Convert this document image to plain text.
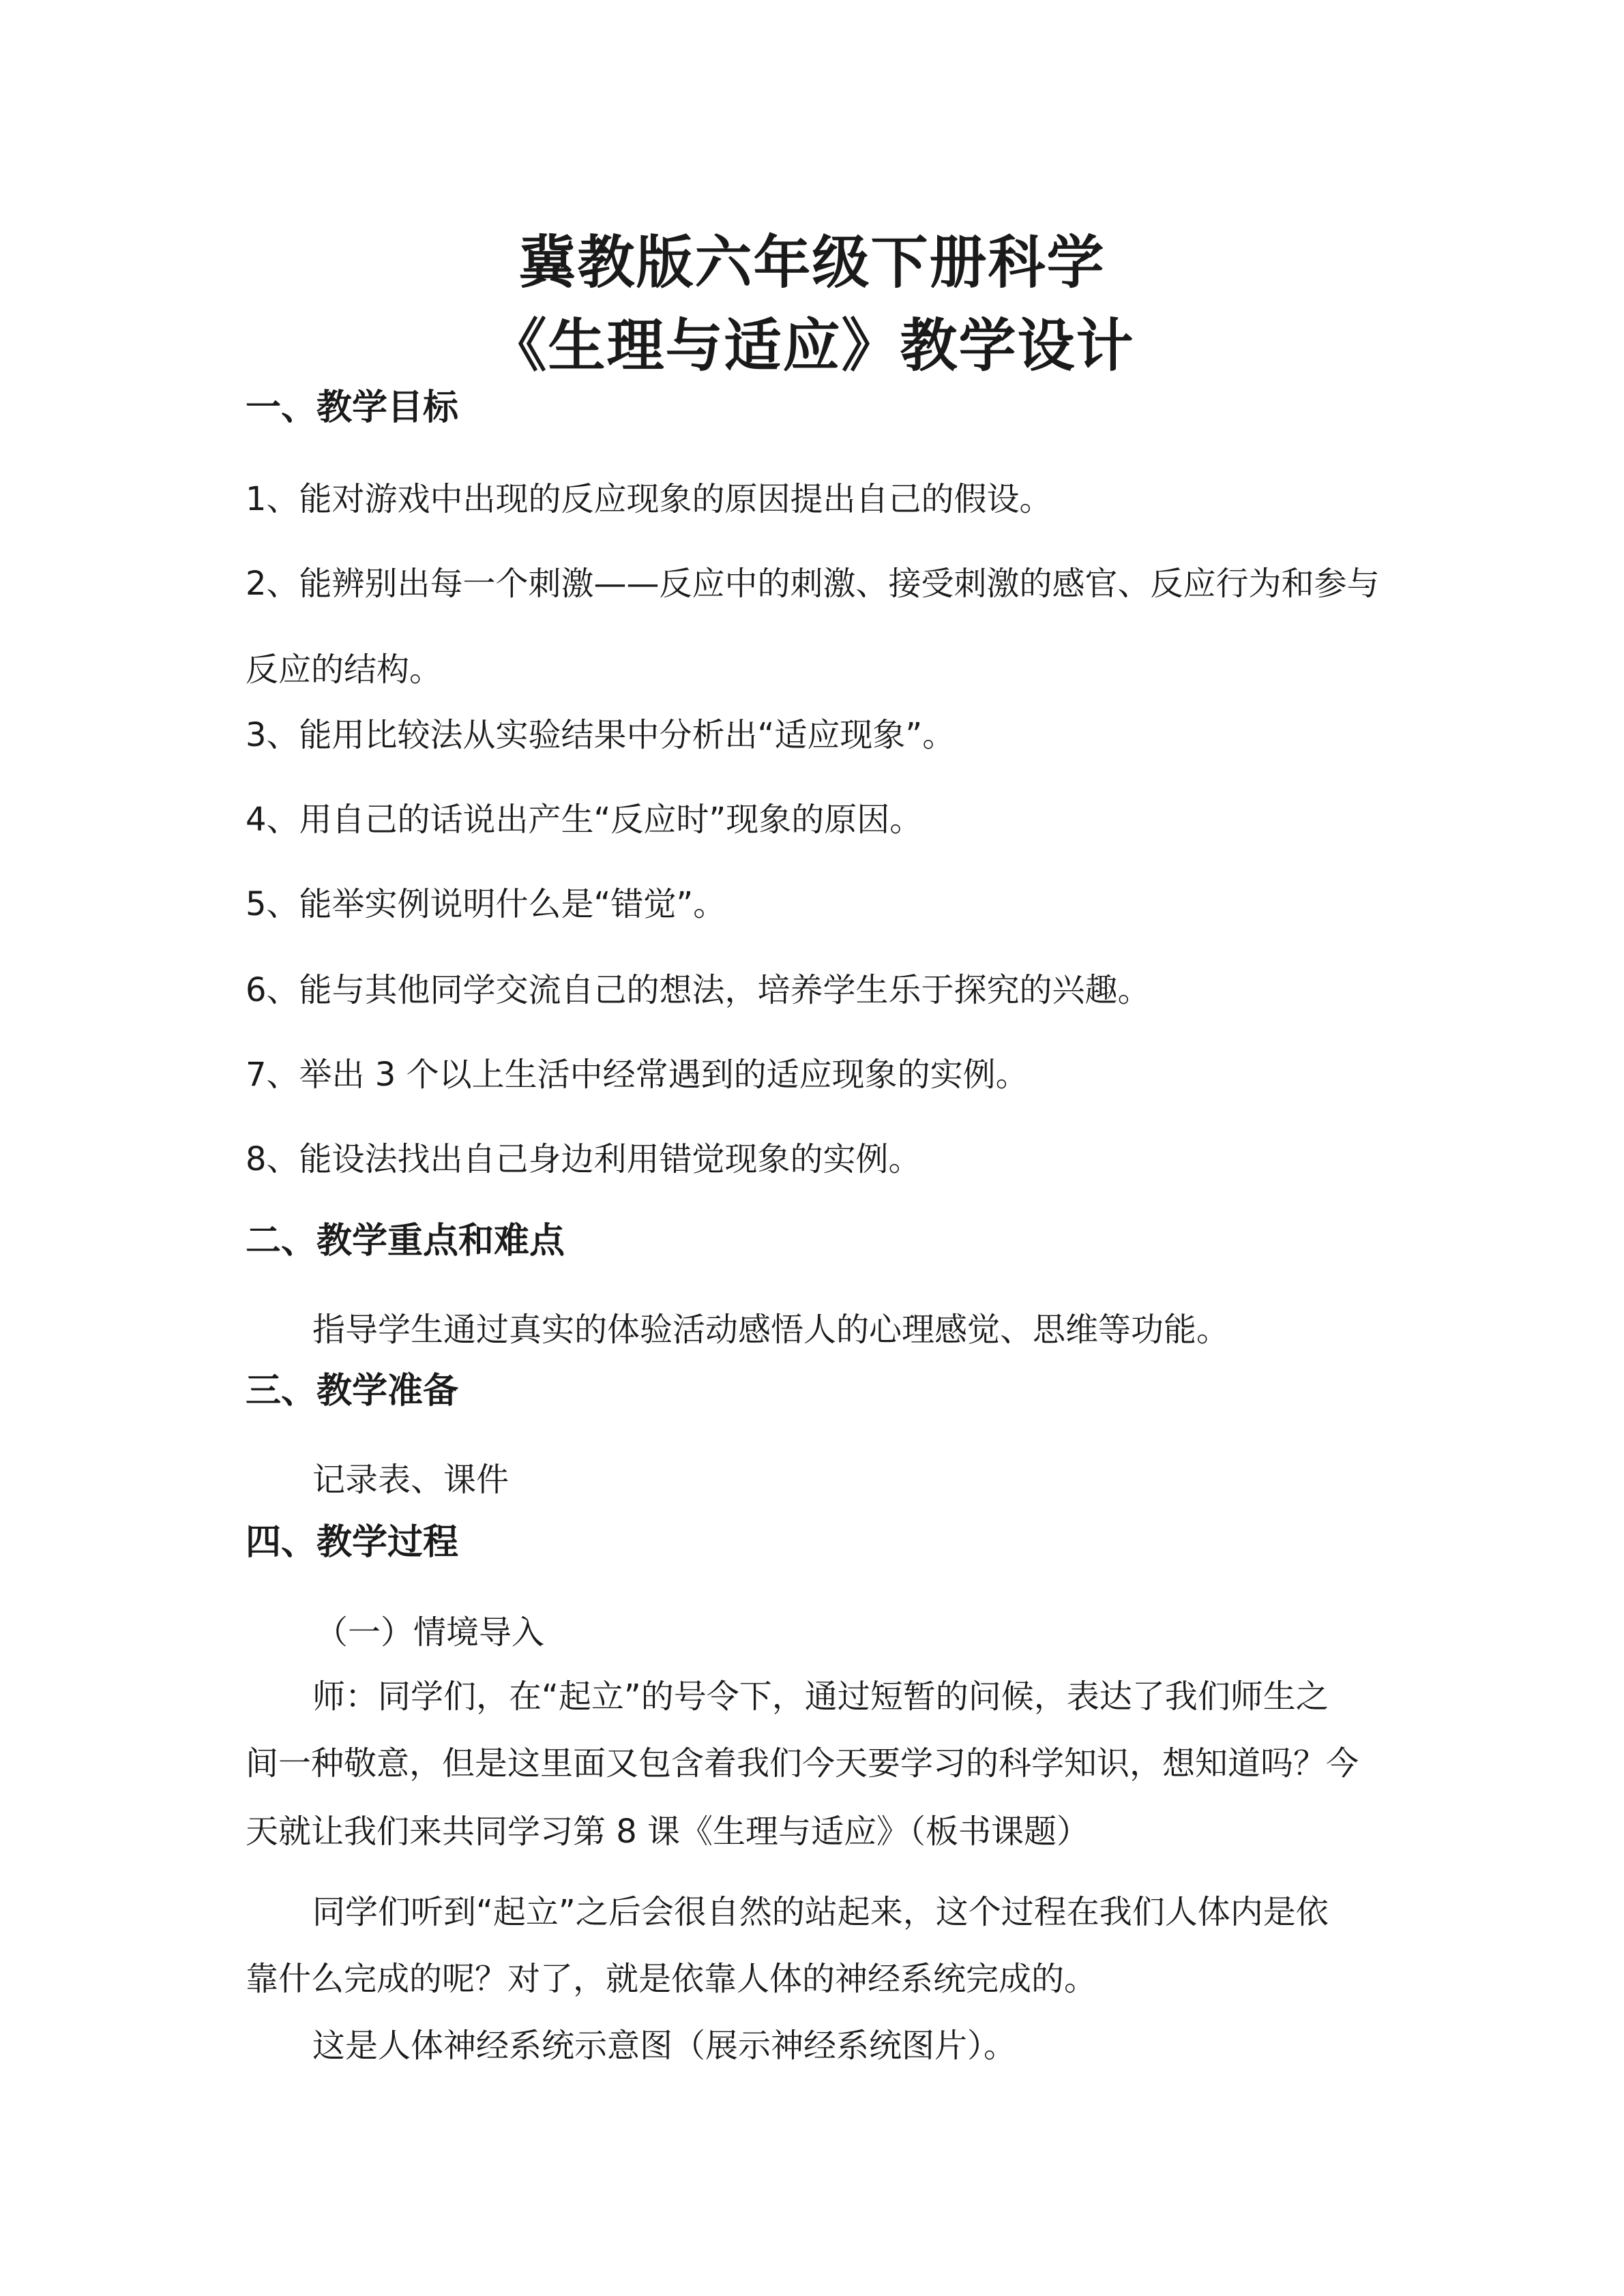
冀教版六年级下册科学
《生理与适应》教学设计
一、教学目标
1、能对游戏中出现的反应现象的原因提出自己的假设。
2、能辨别出每一个刺激——反应中的刺激、接受刺激的感官、反应行为和参与
反应的结构。
3、能用比较法从实验结果中分析出“适应现象”。
4、用自己的话说出产生“反应时”现象的原因。
5、能举实例说明什么是“错觉”。
6、能与其他同学交流自己的想法，培养学生乐于探究的兴趣。
7、举出 3 个以上生活中经常遇到的适应现象的实例。
8、能设法找出自己身边利用错觉现象的实例。
二、教学重点和难点
指导学生通过真实的体验活动感悟人的心理感觉、思维等功能。
三、教学准备
记录表、课件
四、教学过程
（一）情境导入
师：同学们，在“起立”的号令下，通过短暂的问候，表达了我们师生之
间一种敬意，但是这里面又包含着我们今天要学习的科学知识，想知道吗？今
天就让我们来共同学习第 8 课《生理与适应》（板书课题）
同学们听到“起立”之后会很自然的站起来，这个过程在我们人体内是依
靠什么完成的呢？对了，就是依靠人体的神经系统完成的。
这是人体神经系统示意图（展示神经系统图片）。
